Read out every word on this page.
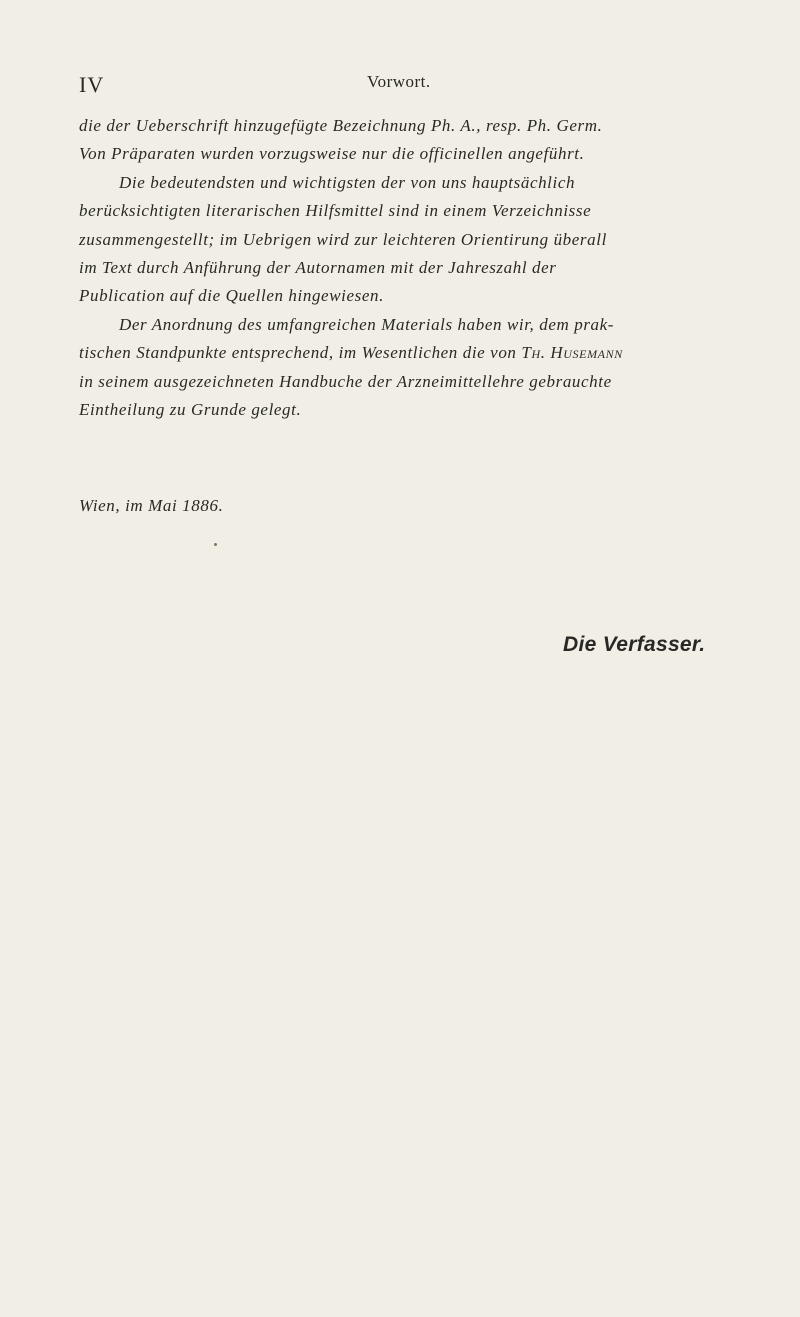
IV	Vorwort.
die der Ueberschrift hinzugefügte Bezeichnung Ph. A., resp. Ph. Germ.
Von Präparaten wurden vorzugsweise nur die officinellen angeführt.
Die bedeutendsten und wichtigsten der von uns hauptsächlich
berücksichtigten literarischen Hilfsmittel sind in einem Verzeichnisse
zusammengestellt; im Uebrigen wird zur leichteren Orientirung überall
im Text durch Anführung der Autornamen mit der Jahreszahl der
Publication auf die Quellen hingewiesen.
Der Anordnung des umfangreichen Materials haben wir, dem prak-
tischen Standpunkte entsprechend, im Wesentlichen die von Th. Husemann
in seinem ausgezeichneten Handbuche der Arzneimittellehre gebrauchte
Eintheilung zu Grunde gelegt.
Wien, im Mai 1886.
Die Verfasser.
